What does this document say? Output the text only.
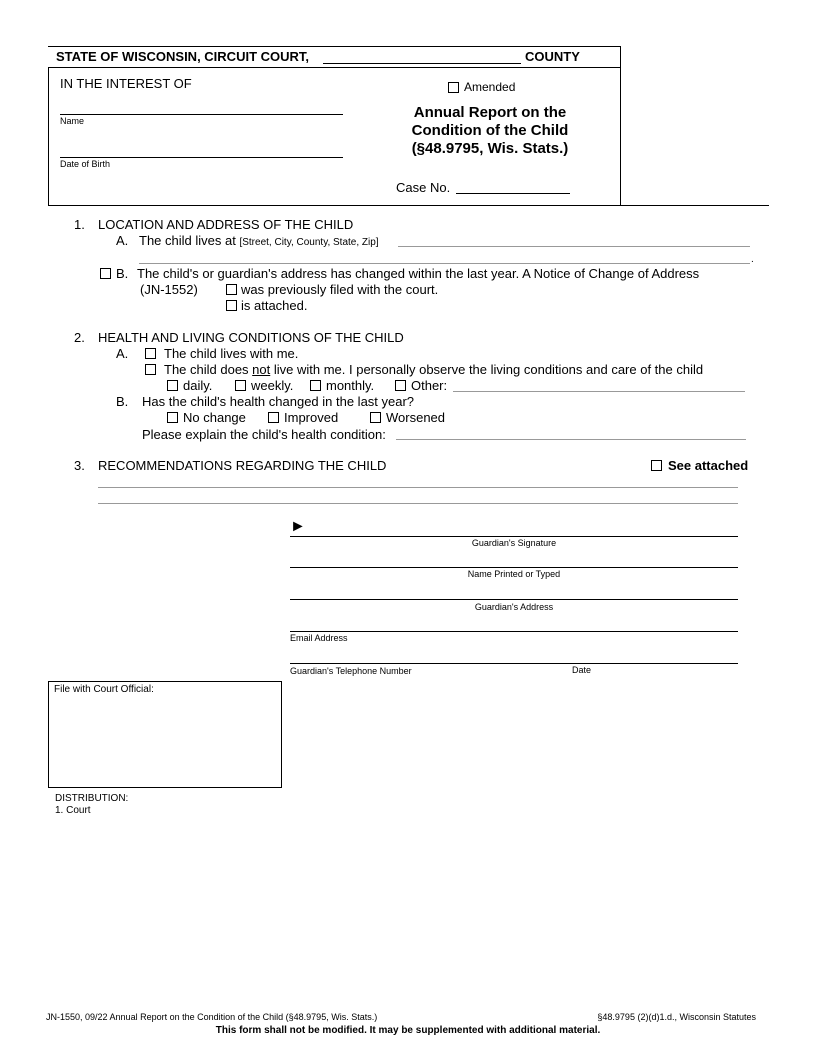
STATE OF WISCONSIN, CIRCUIT COURT,	COUNTY
IN THE INTEREST OF
Name
Date of Birth
Amended
Annual Report on the
Condition of the Child
(§48.9795, Wis. Stats.)
Case No.
1. LOCATION AND ADDRESS OF THE CHILD
A. The child lives at [Street, City, County, State, Zip]
.
B. The child's or guardian's address has changed within the last year. A Notice of Change of Address
(JN-1552)	was previously filed with the court.
is attached.
2. HEALTH AND LIVING CONDITIONS OF THE CHILD
A.	The child lives with me.
The child does not live with me. I personally observe the living conditions and care of the child
daily.	weekly.	monthly.	Other:
B. Has the child's health changed in the last year?
No change	Improved	Worsened
Please explain the child's health condition:
3. RECOMMENDATIONS REGARDING THE CHILD	See attached
►
Guardian's Signature
Name Printed or Typed
Guardian's Address
Email Address
Guardian's Telephone Number	Date
File with Court Official:
DISTRIBUTION:
1. Court
JN-1550, 09/22 Annual Report on the Condition of the Child (§48.9795, Wis. Stats.)	§48.9795 (2)(d)1.d., Wisconsin Statutes
This form shall not be modified. It may be supplemented with additional material.
